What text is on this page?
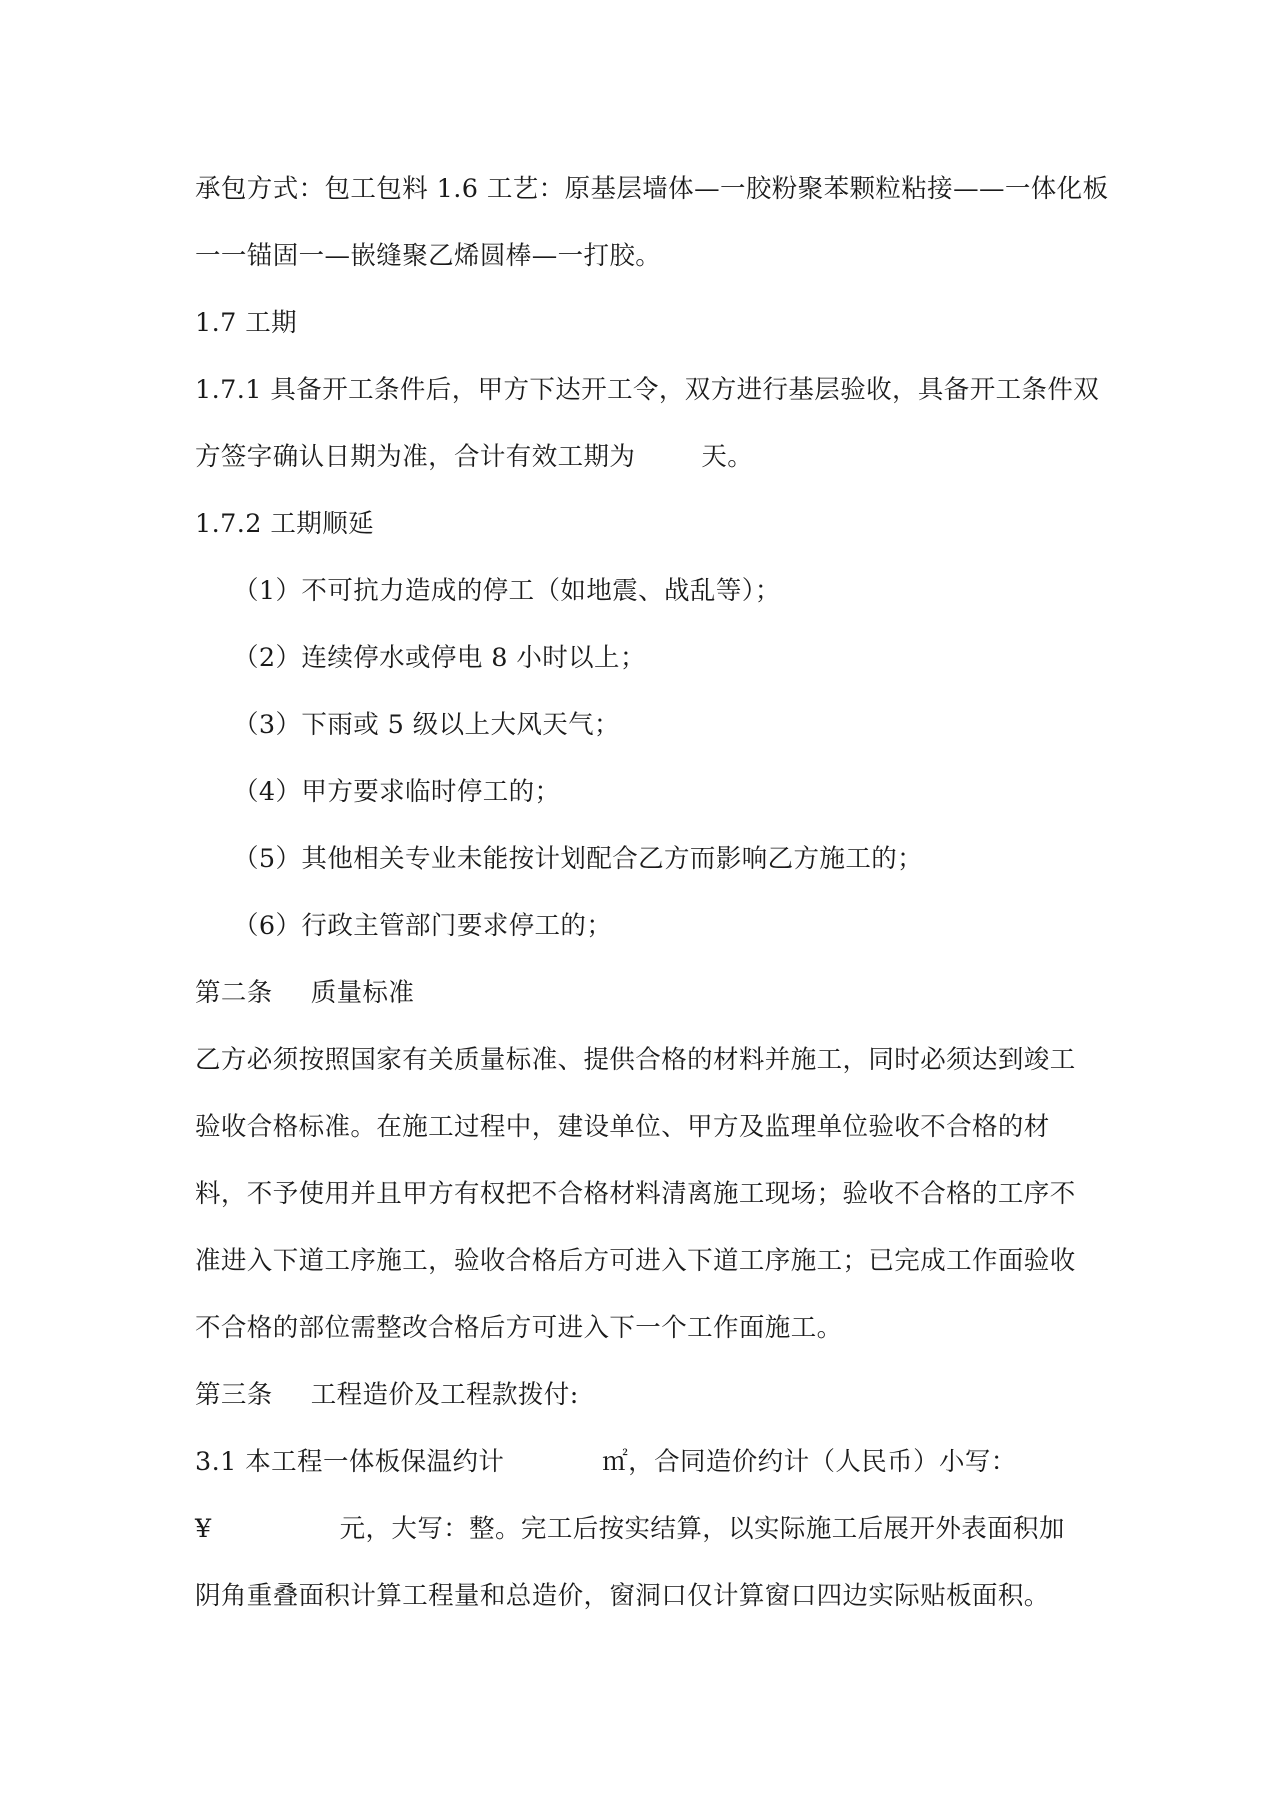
承包方式：包工包料 1.6 工艺：原基层墙体—一胶粉聚苯颗粒粘接——一体化板
一一锚固一—嵌缝聚乙烯圆棒—一打胶。
1.7 工期
1.7.1 具备开工条件后，甲方下达开工令，双方进行基层验收，具备开工条件双
方签字确认日期为准，合计有效工期为	天。
1.7.2 工期顺延
（1）不可抗力造成的停工（如地震、战乱等）；
（2）连续停水或停电 8 小时以上；
（3）下雨或 5 级以上大风天气；
（4）甲方要求临时停工的；
（5）其他相关专业未能按计划配合乙方而影响乙方施工的；
（6）行政主管部门要求停工的；
第二条 质量标准
乙方必须按照国家有关质量标准、提供合格的材料并施工，同时必须达到竣工
验收合格标准。在施工过程中，建设单位、甲方及监理单位验收不合格的材
料，不予使用并且甲方有权把不合格材料清离施工现场；验收不合格的工序不
准进入下道工序施工，验收合格后方可进入下道工序施工；已完成工作面验收
不合格的部位需整改合格后方可进入下一个工作面施工。
第三条 工程造价及工程款拨付:
3.1 本工程一体板保温约计	㎡，合同造价约计（人民币）小写：
¥	元，大写：整。完工后按实结算，以实际施工后展开外表面积加
阴角重叠面积计算工程量和总造价，窗洞口仅计算窗口四边实际贴板面积。
